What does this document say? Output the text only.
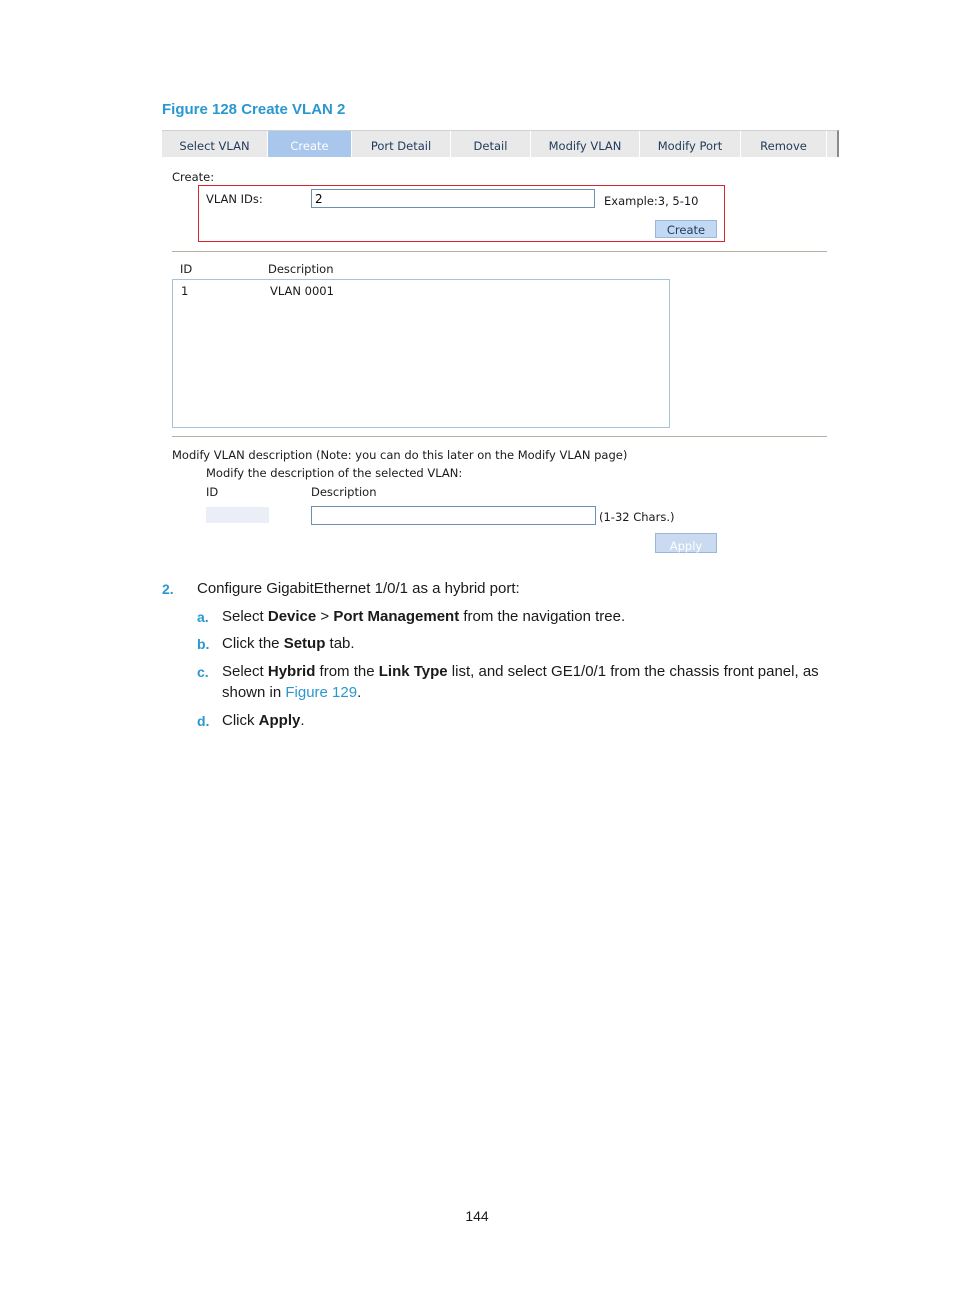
Figure 128 Create VLAN 2
Select VLAN	Create	Port Detail	Detail	Modify VLAN	Modify Port	Remove
Create:
VLAN IDs:
2	Example:3, 5-10
Create
ID	Description
1	VLAN 0001
Modify VLAN description (Note: you can do this later on the Modify VLAN page)
Modify the description of the selected VLAN:
ID	Description
(1-32 Chars.)
Apply
2. Configure GigabitEthernet 1/0/1 as a hybrid port:
a. Select Device > Port Management from the navigation tree.
b. Click the Setup tab.
c. Select Hybrid from the Link Type list, and select GE1/0/1 from the chassis front panel, as
shown in Figure 129.
d. Click Apply.
144
